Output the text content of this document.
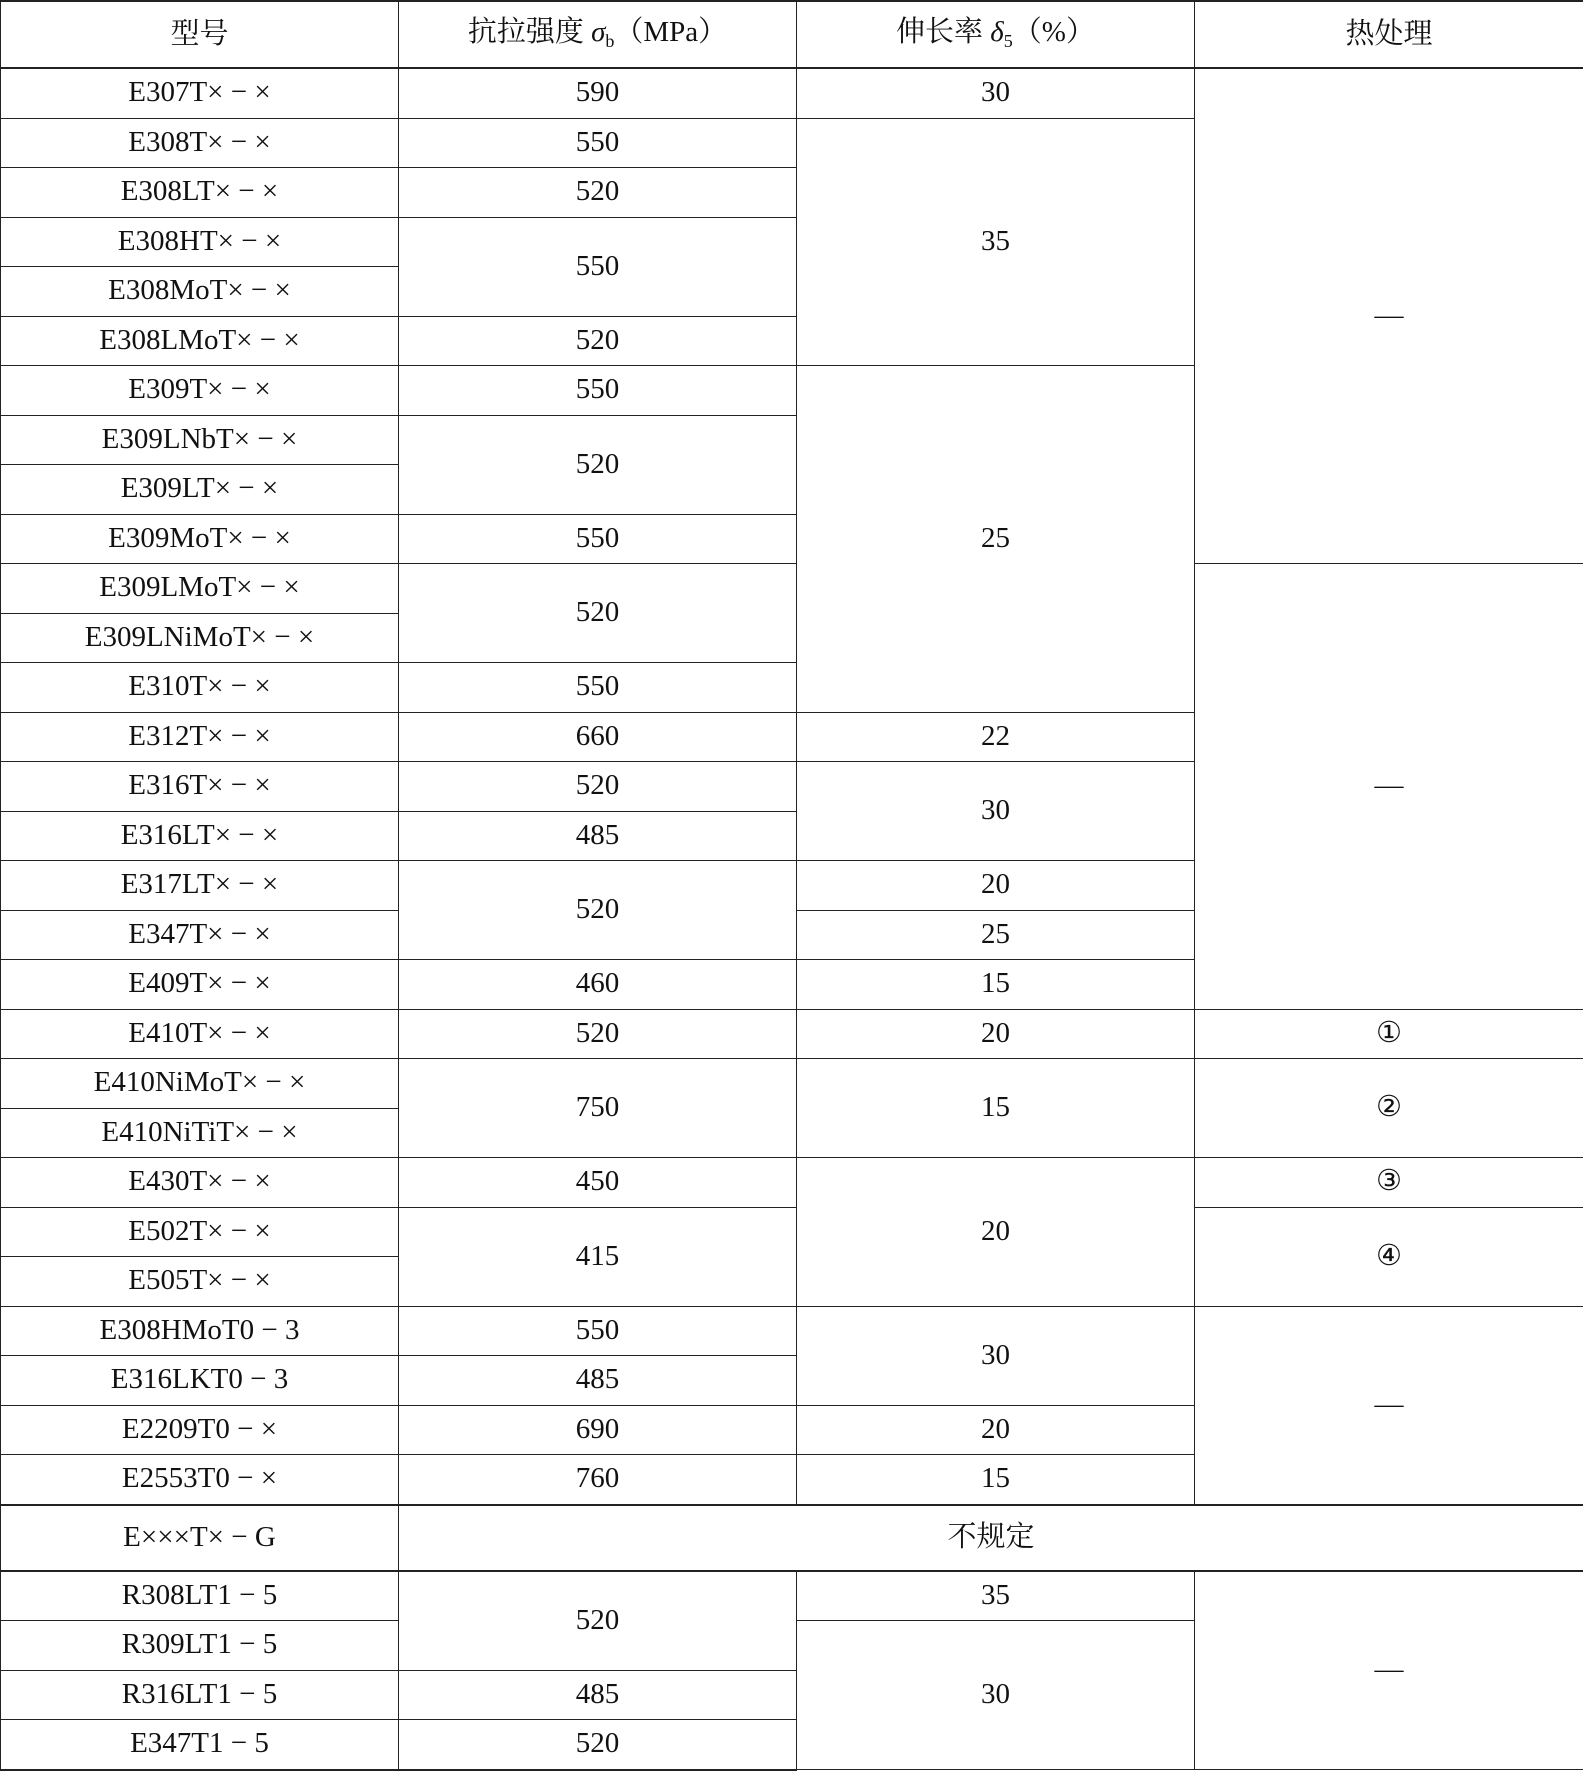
型号	抗拉强度 $\sigma_b(MPa)$	伸长率 $\delta_5(\%)$	热处理
E307T× − ×	590	30	—
E308T× − ×	550	35	
E308LT× − ×	520		
E308HT× − ×	550		
E308MoT× − ×			
E308LMoT× − ×	520		
E309T× − ×	550	25	
E309LNbT× − ×	520		
E309LT× − ×			
E309MoT× − ×	550		
E309LMoT× − ×	520		—
E309LNiMoT× − ×			
E310T× − ×	550		
E312T× − ×	660	22	
E316T× − ×	520	30	
E316LT× − ×	485		
E317LT× − ×	520	20	
E347T× − ×		25	
E409T× − ×	460	15	
E410T× − ×	520	20	①
E410NiMoT× − ×	750	15	②
E410NiTiT× − ×			
E430T× − ×	450	20	③
E502T× − ×	415		④
E505T× − ×			
E308HMoT0 − 3	550	30	—
E316LKT0 − 3	485		
E2209T0 − ×	690	20	
E2553T0 − ×	760	15	
E×××T× − G	不规定		
R308LT1 − 5	520	35	—
R309LT1 − 5		30	
R316LT1 − 5	485		
E347T1 − 5	520		
